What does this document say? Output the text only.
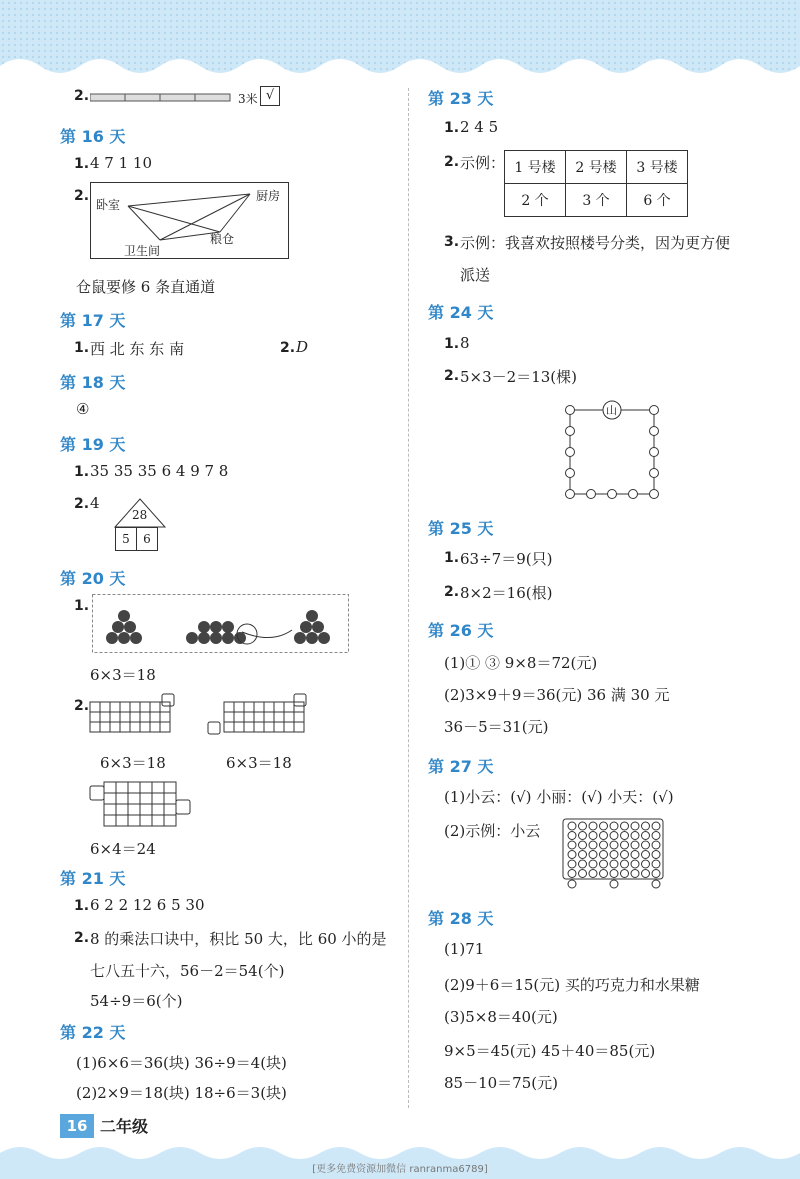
2.	3米 √
第 16 天
1. 4 7 1 10
2.
卧室
厨房
卫生间
粮仓
仓鼠要修 6 条直通道
第 17 天
1. 西 北 东 东 南	2. D
第 18 天
④
第 19 天
1. 35 35 35 6 4 9 7 8
2. 4
28
5	6
第 20 天
1.
6×3＝18
2.
6×3＝18	6×3＝18
6×4＝24
第 21 天
1. 6 2 2 12 6 5 30
2. 8 的乘法口诀中，积比 50 大，比 60 小的是
七八五十六，56－2＝54(个)
54÷9＝6(个)
第 22 天
(1)6×6＝36(块) 36÷9＝4(块)
(2)2×9＝18(块) 18÷6＝3(块)
第 23 天
1. 2 4 5
2. 示例： 1 号楼	2 号楼	3 号楼
2 个	3 个	6 个
3. 示例：我喜欢按照楼号分类，因为更方便
派送
第 24 天
1. 8
2. 5×3－2＝13(棵)
山
第 25 天
1. 63÷7＝9(只)
2. 8×2＝16(根)
第 26 天
(1)① ③ 9×8＝72(元)
(2)3×9＋9＝36(元) 36 满 30 元
36－5＝31(元)
第 27 天
(1)小云：(√) 小丽：(√) 小天：(√)
(2)示例：小云
第 28 天
(1)71
(2)9＋6＝15(元) 买的巧克力和水果糖
(3)5×8＝40(元)
9×5＝45(元) 45＋40＝85(元)
85－10＝75(元)
16 二年级
[更多免费资源加微信 ranranma6789]
